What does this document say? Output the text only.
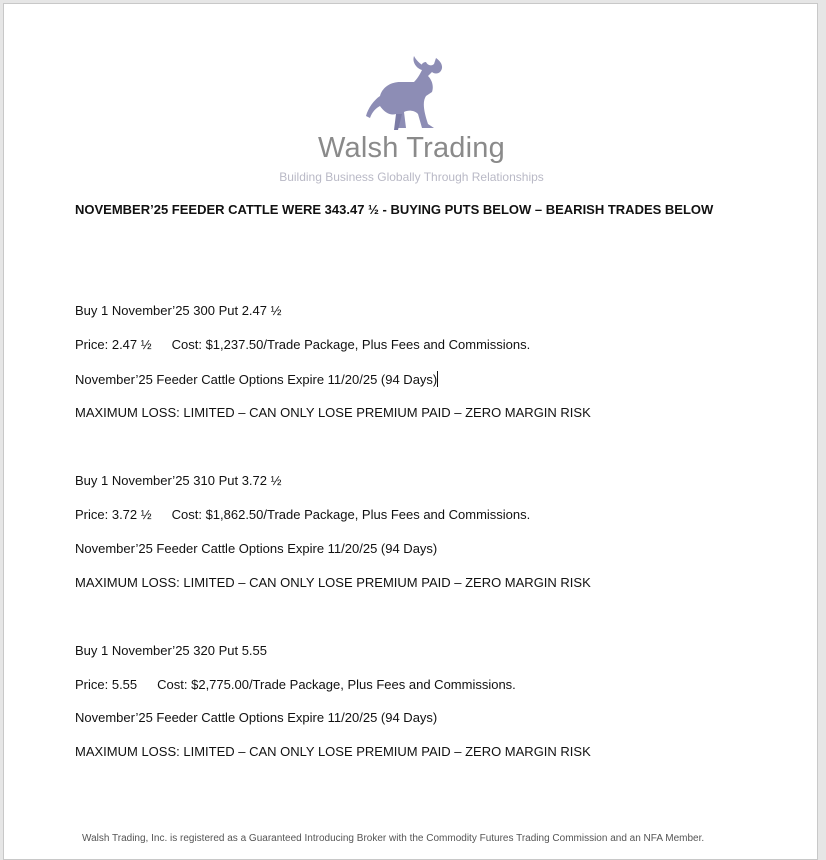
Walsh Trading
Building Business Globally Through Relationships
NOVEMBER’25 FEEDER CATTLE WERE 343.47 ½ - BUYING PUTS BELOW – BEARISH TRADES BELOW
Buy 1 November’25 300 Put 2.47 ½
Price: 2.47 ½ Cost: $1,237.50/Trade Package, Plus Fees and Commissions.
November’25 Feeder Cattle Options Expire 11/20/25 (94 Days)
MAXIMUM LOSS: LIMITED – CAN ONLY LOSE PREMIUM PAID – ZERO MARGIN RISK
Buy 1 November’25 310 Put 3.72 ½
Price: 3.72 ½ Cost: $1,862.50/Trade Package, Plus Fees and Commissions.
November’25 Feeder Cattle Options Expire 11/20/25 (94 Days)
MAXIMUM LOSS: LIMITED – CAN ONLY LOSE PREMIUM PAID – ZERO MARGIN RISK
Buy 1 November’25 320 Put 5.55
Price: 5.55 Cost: $2,775.00/Trade Package, Plus Fees and Commissions.
November’25 Feeder Cattle Options Expire 11/20/25 (94 Days)
MAXIMUM LOSS: LIMITED – CAN ONLY LOSE PREMIUM PAID – ZERO MARGIN RISK
Walsh Trading, Inc. is registered as a Guaranteed Introducing Broker with the Commodity Futures Trading Commission and an NFA Member.
